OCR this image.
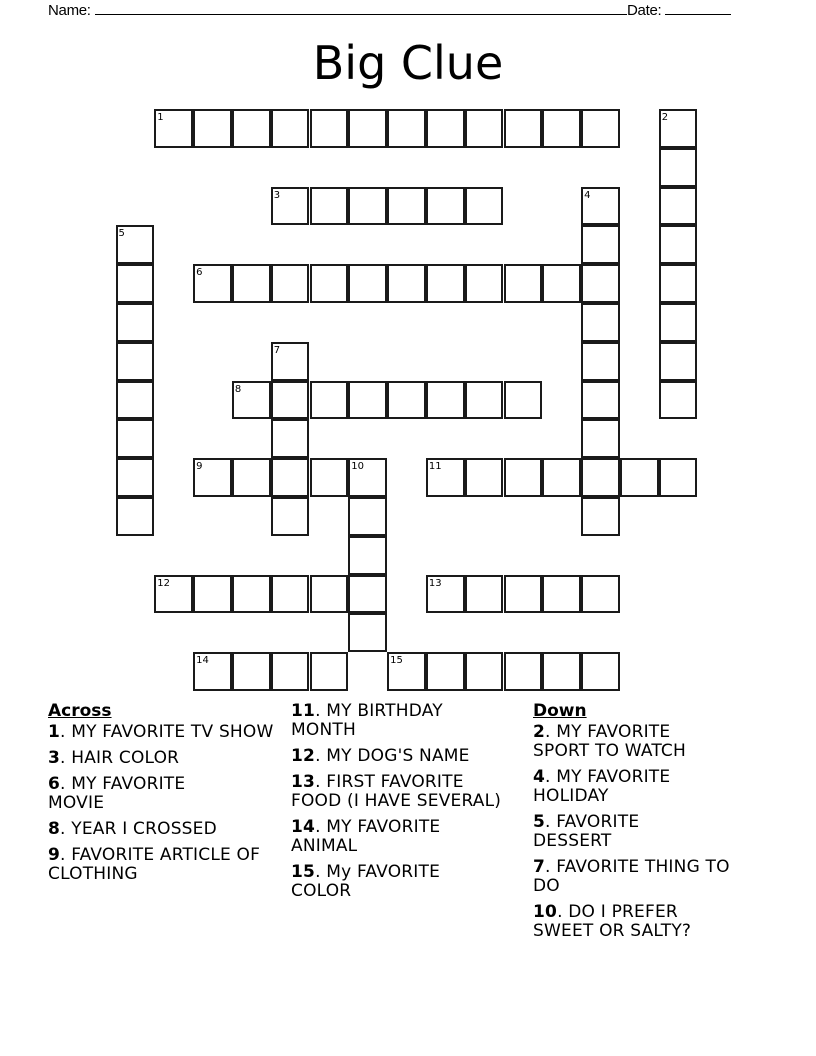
Name:	Date:
Big Clue
1	2
3	4
5
6
7
8
9	10	11
12	13
14	15
Across
1. MY FAVORITE TV SHOW
3. HAIR COLOR
6. MY FAVORITE MOVIE
8. YEAR I CROSSED
9. FAVORITE ARTICLE OF CLOTHING
11. MY BIRTHDAY MONTH
12. MY DOG'S NAME
13. FIRST FAVORITE FOOD (I HAVE SEVERAL)
14. MY FAVORITE ANIMAL
15. My FAVORITE COLOR
Down
2. MY FAVORITE SPORT TO WATCH
4. MY FAVORITE HOLIDAY
5. FAVORITE DESSERT
7. FAVORITE THING TO DO
10. DO I PREFER SWEET OR SALTY?
